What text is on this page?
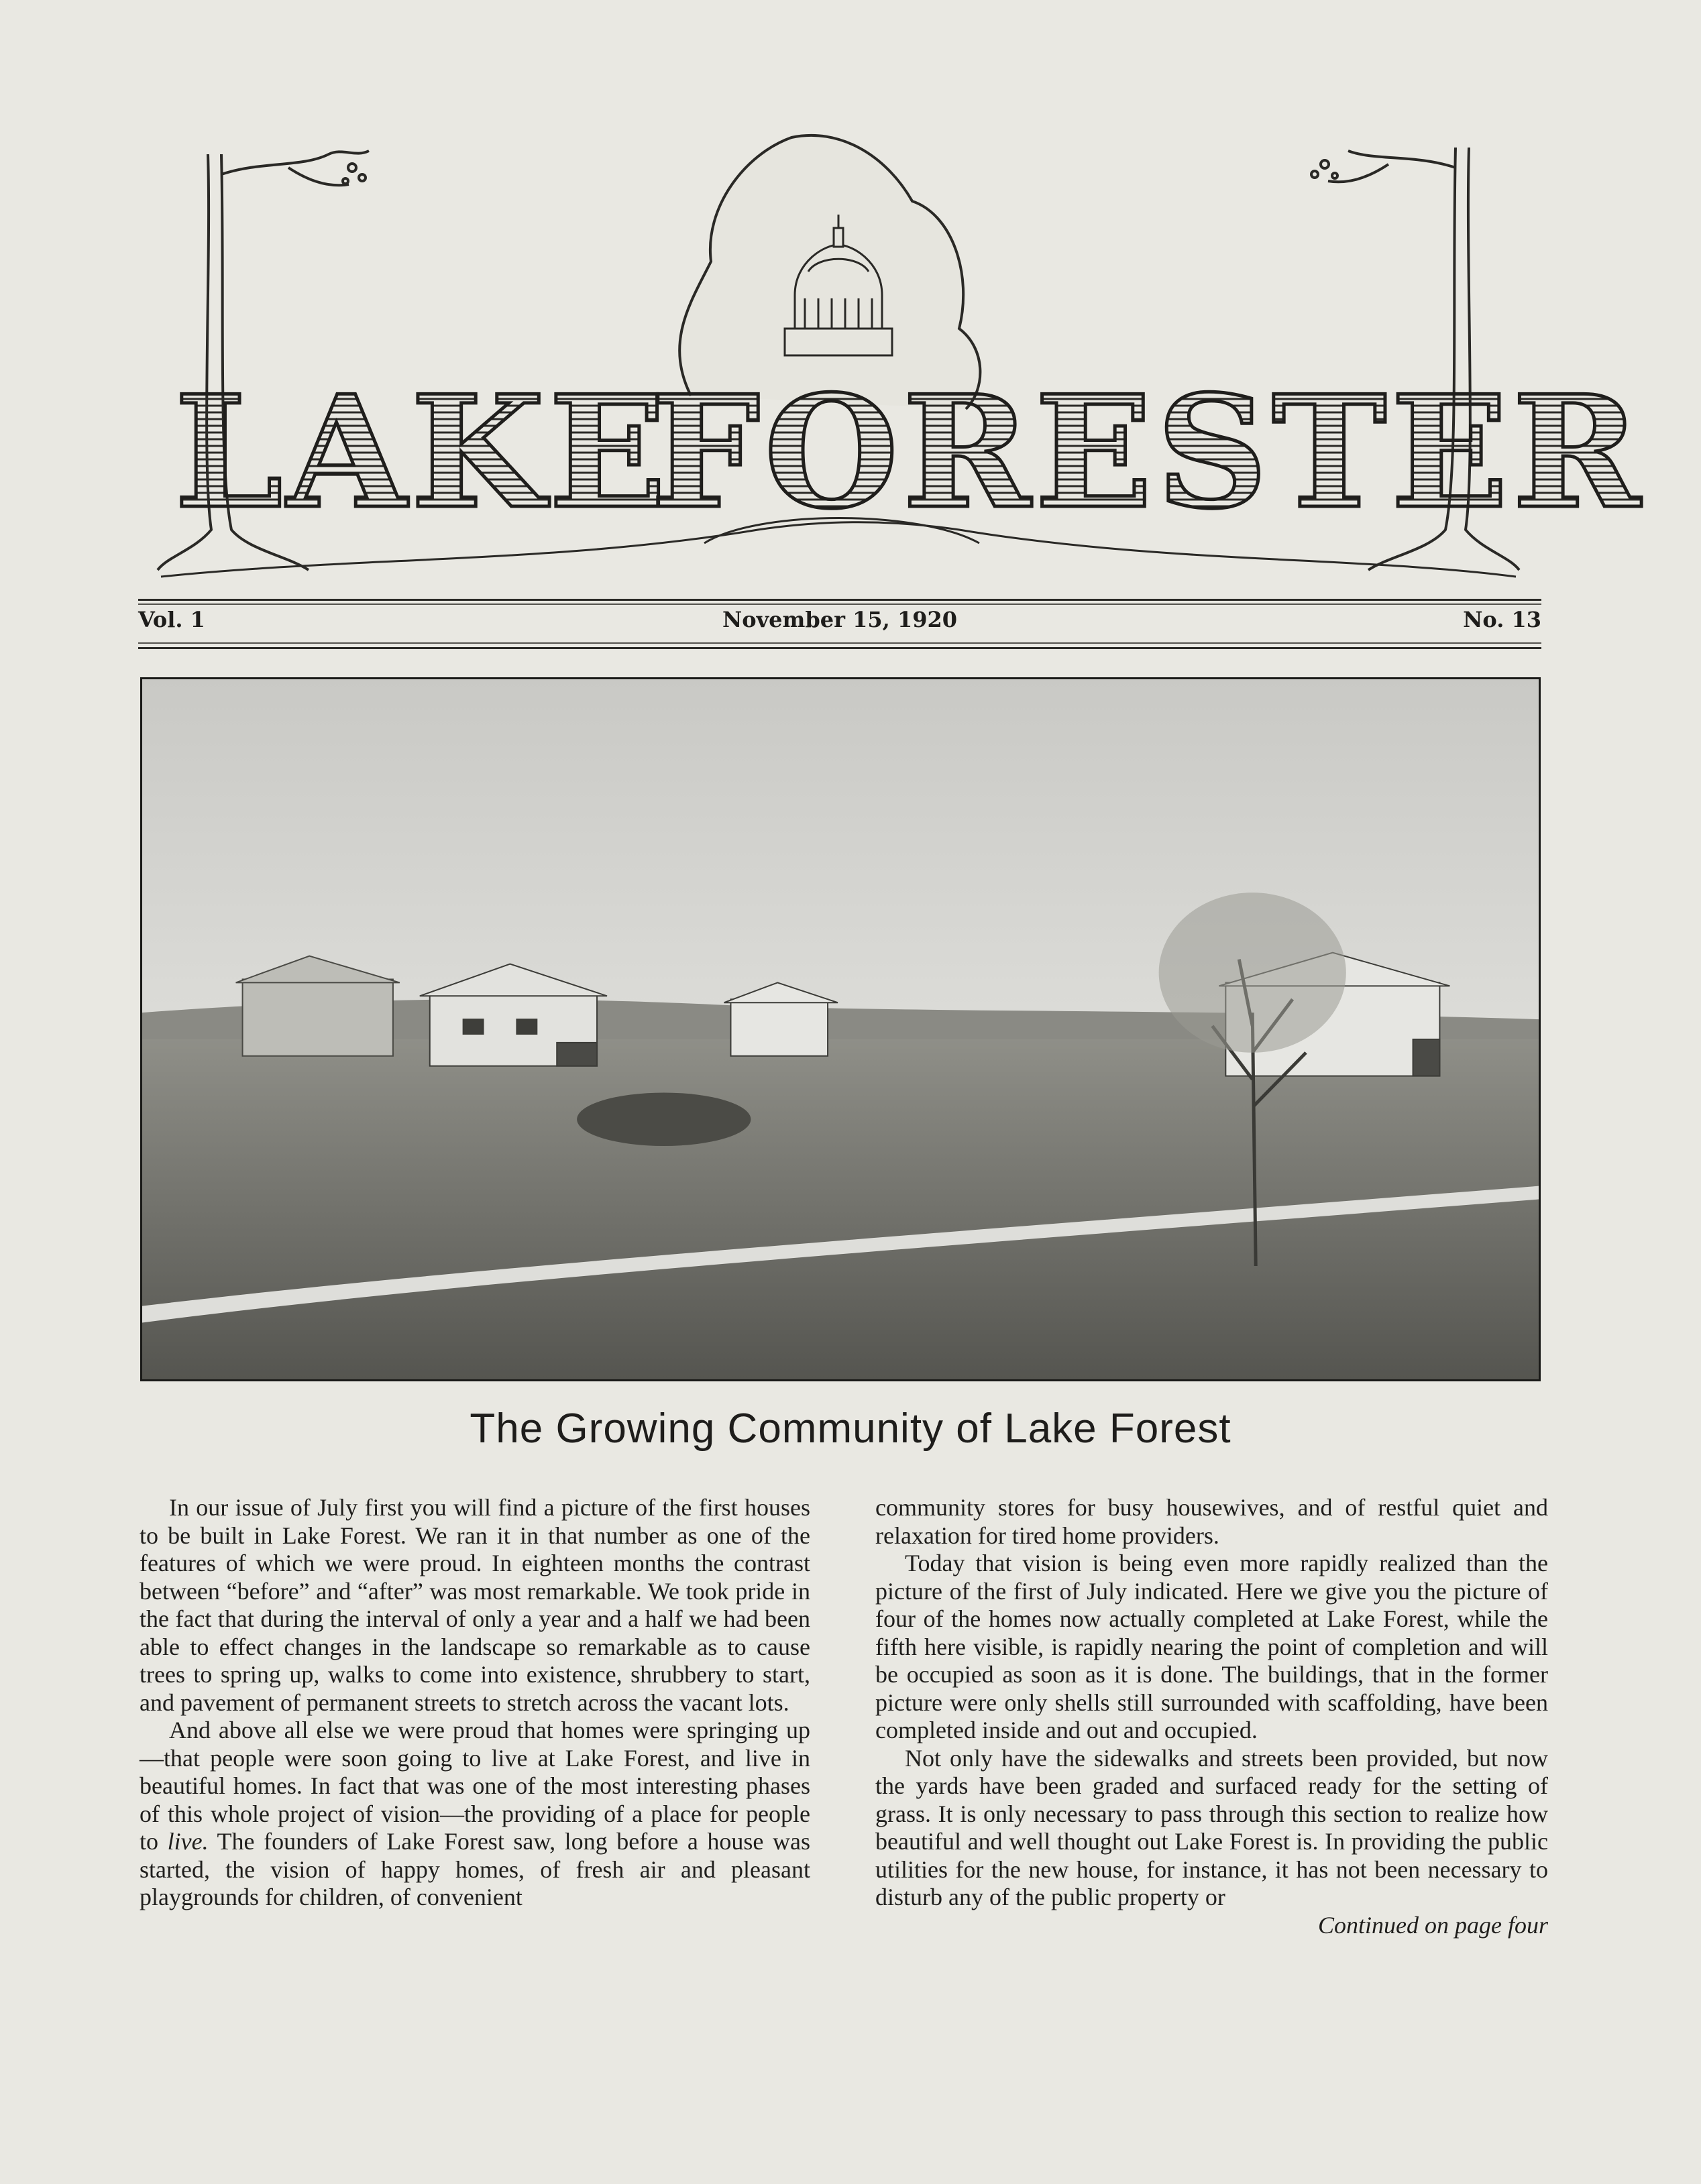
LAKE
FORESTER
Vol. 1	November 15, 1920	No. 13
The Growing Community of Lake Forest

In our issue of July first you will find a picture of the first houses to be built in Lake Forest. We ran it in that number as one of the features of which we were proud. In eighteen months the contrast between “before” and “after” was most remarkable. We took pride in the fact that during the interval of only a year and a half we had been able to effect changes in the landscape so remarkable as to cause trees to spring up, walks to come into existence, shrubbery to start, and pavement of permanent streets to stretch across the vacant lots.

And above all else we were proud that homes were springing up—that people were soon going to live at Lake Forest, and live in beautiful homes. In fact that was one of the most interesting phases of this whole project of vision—the providing of a place for people to live. The founders of Lake Forest saw, long before a house was started, the vision of happy homes, of fresh air and pleasant playgrounds for children, of convenient

community stores for busy housewives, and of restful quiet and relaxation for tired home providers.

Today that vision is being even more rapidly realized than the picture of the first of July indicated. Here we give you the picture of four of the homes now actually completed at Lake Forest, while the fifth here visible, is rapidly nearing the point of completion and will be occupied as soon as it is done. The buildings, that in the former picture were only shells still surrounded with scaffolding, have been completed inside and out and occupied.

Not only have the sidewalks and streets been provided, but now the yards have been graded and surfaced ready for the setting of grass. It is only necessary to pass through this section to realize how beautiful and well thought out Lake Forest is. In providing the public utilities for the new house, for instance, it has not been necessary to disturb any of the public property or

Continued on page four
